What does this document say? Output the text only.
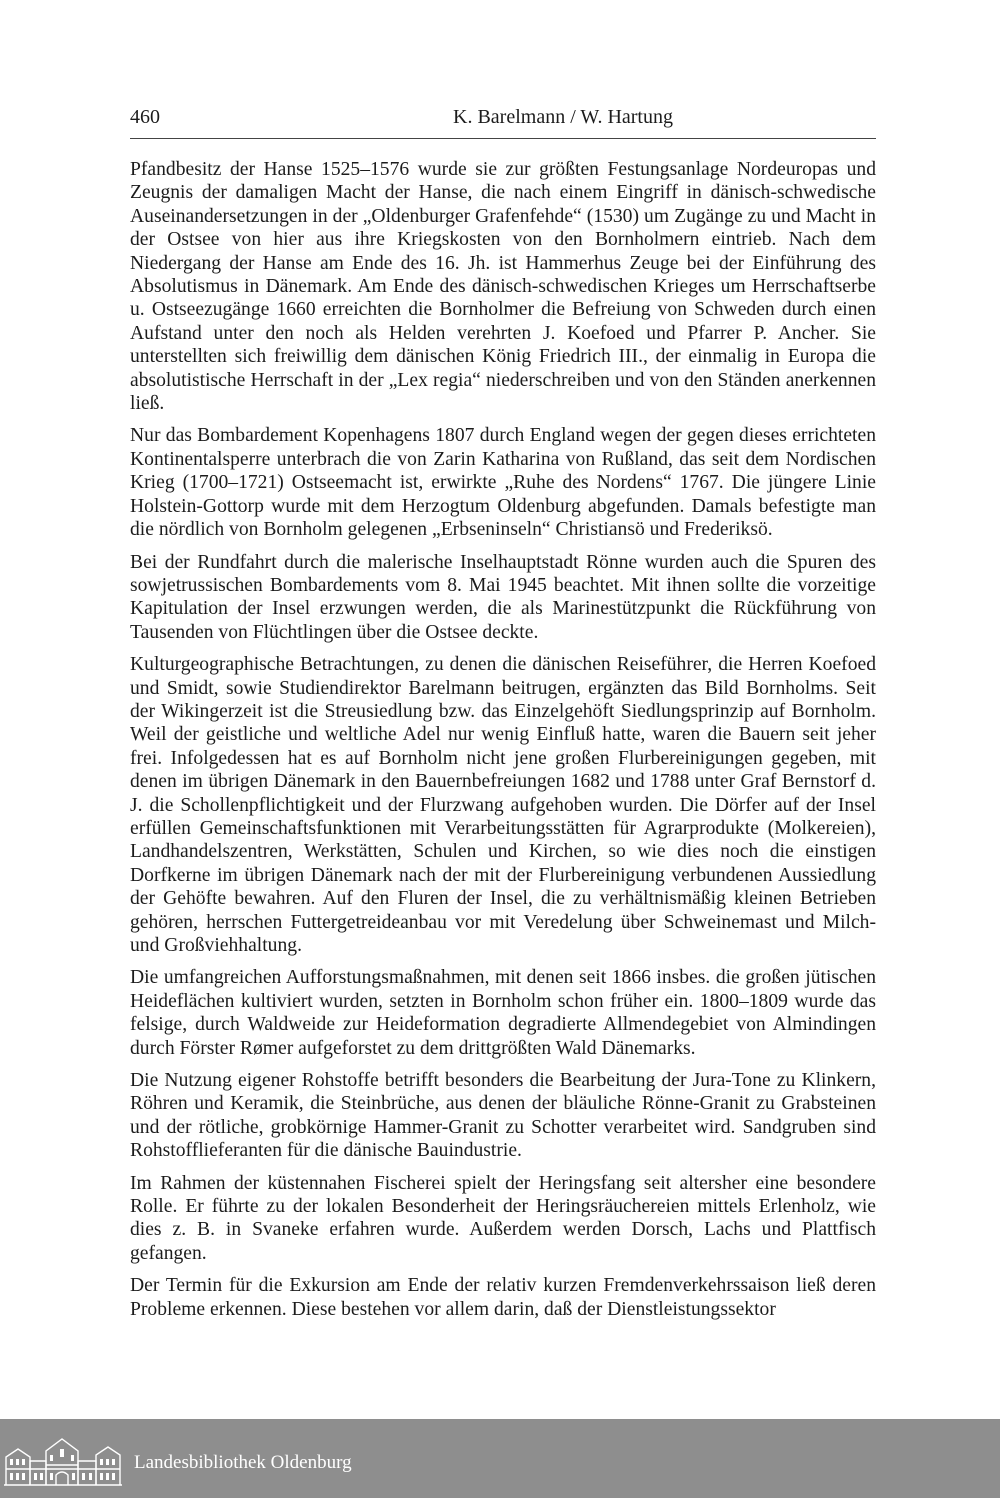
460	K. Barelmann / W. Hartung

Pfandbesitz der Hanse 1525–1576 wurde sie zur größten Festungsanlage Nordeuropas und Zeugnis der damaligen Macht der Hanse, die nach einem Eingriff in dänisch-schwedische Auseinandersetzungen in der „Oldenburger Grafenfehde“ (1530) um Zugänge zu und Macht in der Ostsee von hier aus ihre Kriegskosten von den Bornholmern eintrieb. Nach dem Niedergang der Hanse am Ende des 16. Jh. ist Hammerhus Zeuge bei der Einführung des Absolutismus in Dänemark. Am Ende des dänisch-schwedischen Krieges um Herrschaftserbe u. Ostseezugänge 1660 erreichten die Bornholmer die Befreiung von Schweden durch einen Aufstand unter den noch als Helden verehrten J. Koefoed und Pfarrer P. Ancher. Sie unterstellten sich freiwillig dem dänischen König Friedrich III., der einmalig in Europa die absolutistische Herrschaft in der „Lex regia“ niederschreiben und von den Ständen anerkennen ließ.

Nur das Bombardement Kopenhagens 1807 durch England wegen der gegen dieses errichteten Kontinentalsperre unterbrach die von Zarin Katharina von Rußland, das seit dem Nordischen Krieg (1700–1721) Ostseemacht ist, erwirkte „Ruhe des Nordens“ 1767. Die jüngere Linie Holstein-Gottorp wurde mit dem Herzogtum Oldenburg abgefunden. Damals befestigte man die nördlich von Bornholm gelegenen „Erbseninseln“ Christiansö und Frederiksö.

Bei der Rundfahrt durch die malerische Inselhauptstadt Rönne wurden auch die Spuren des sowjetrussischen Bombardements vom 8. Mai 1945 beachtet. Mit ihnen sollte die vorzeitige Kapitulation der Insel erzwungen werden, die als Marinestützpunkt die Rückführung von Tausenden von Flüchtlingen über die Ostsee deckte.

Kulturgeographische Betrachtungen, zu denen die dänischen Reiseführer, die Herren Koefoed und Smidt, sowie Studiendirektor Barelmann beitrugen, ergänzten das Bild Bornholms. Seit der Wikingerzeit ist die Streusiedlung bzw. das Einzelgehöft Siedlungsprinzip auf Bornholm. Weil der geistliche und weltliche Adel nur wenig Einfluß hatte, waren die Bauern seit jeher frei. Infolgedessen hat es auf Bornholm nicht jene großen Flurbereinigungen gegeben, mit denen im übrigen Dänemark in den Bauernbefreiungen 1682 und 1788 unter Graf Bernstorf d. J. die Schollenpflichtigkeit und der Flurzwang aufgehoben wurden. Die Dörfer auf der Insel erfüllen Gemeinschaftsfunktionen mit Verarbeitungsstätten für Agrarprodukte (Molkereien), Landhandelszentren, Werkstätten, Schulen und Kirchen, so wie dies noch die einstigen Dorfkerne im übrigen Dänemark nach der mit der Flurbereinigung verbundenen Aussiedlung der Gehöfte bewahren. Auf den Fluren der Insel, die zu verhältnismäßig kleinen Betrieben gehören, herrschen Futtergetreideanbau vor mit Veredelung über Schweinemast und Milch- und Großviehhaltung.

Die umfangreichen Aufforstungsmaßnahmen, mit denen seit 1866 insbes. die großen jütischen Heideflächen kultiviert wurden, setzten in Bornholm schon früher ein. 1800–1809 wurde das felsige, durch Waldweide zur Heideformation degradierte Allmendegebiet von Almindingen durch Förster Rømer aufgeforstet zu dem drittgrößten Wald Dänemarks.

Die Nutzung eigener Rohstoffe betrifft besonders die Bearbeitung der Jura-Tone zu Klinkern, Röhren und Keramik, die Steinbrüche, aus denen der bläuliche Rönne-Granit zu Grabsteinen und der rötliche, grobkörnige Hammer-Granit zu Schotter verarbeitet wird. Sandgruben sind Rohstofflieferanten für die dänische Bauindustrie.

Im Rahmen der küstennahen Fischerei spielt der Heringsfang seit altersher eine besondere Rolle. Er führte zu der lokalen Besonderheit der Heringsräuchereien mittels Erlenholz, wie dies z. B. in Svaneke erfahren wurde. Außerdem werden Dorsch, Lachs und Plattfisch gefangen.

Der Termin für die Exkursion am Ende der relativ kurzen Fremdenverkehrssaison ließ deren Probleme erkennen. Diese bestehen vor allem darin, daß der Dienstleistungssektor

Landesbibliothek Oldenburg
